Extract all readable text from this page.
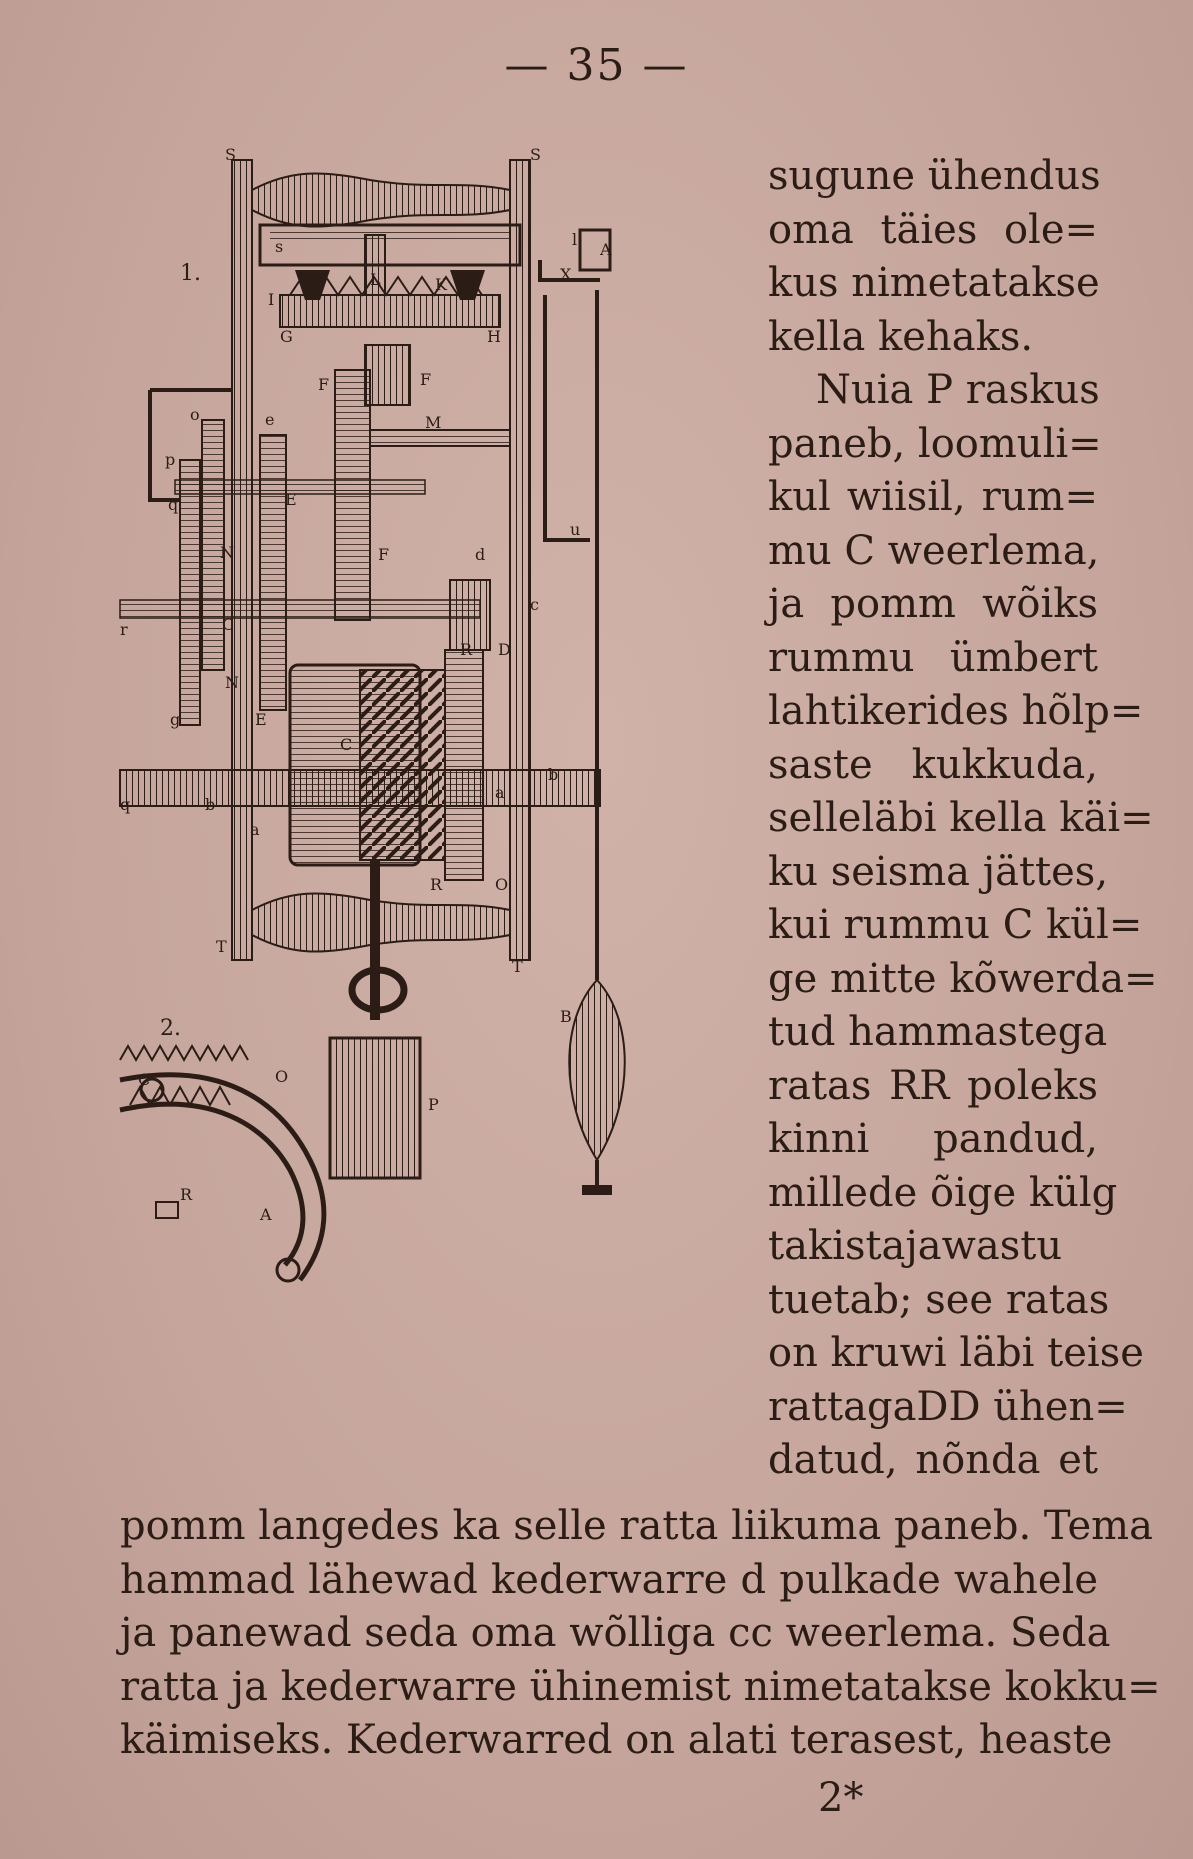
— 35 —
S	S
1.
s
L	K
I
G	H
F	F
M
o	e
p
q	E
N	F	d
c
r	C
N
g	E
R D
C
b
b
a
a
q
R	O
T
T
B
P
A
X
l
u
2.
C	O
A
R
sugune ühendus
oma täies ole=
kus nimetatakse
kella kehaks.
Nuia P raskus
paneb, loomuli=
kul wiisil, rum=
mu C weerlema,
ja pomm wõiks
rummu ümbert
lahtikerides hõlp=
saste kukkuda,
selleläbi kella käi=
ku seisma jättes,
kui rummu C kül=
ge mitte kõwerda=
tud hammastega
ratas RR poleks
kinni pandud,
millede õige külg
takistajawastu
tuetab; see ratas
on kruwi läbi teise
rattagaDD ühen=
datud, nõnda et
pomm langedes ka selle ratta liikuma paneb. Tema
hammad lähewad kederwarre d pulkade wahele
ja panewad seda oma wõlliga cc weerlema. Seda
ratta ja kederwarre ühinemist nimetatakse kokku=
käimiseks. Kederwarred on alati terasest, heaste
2*
